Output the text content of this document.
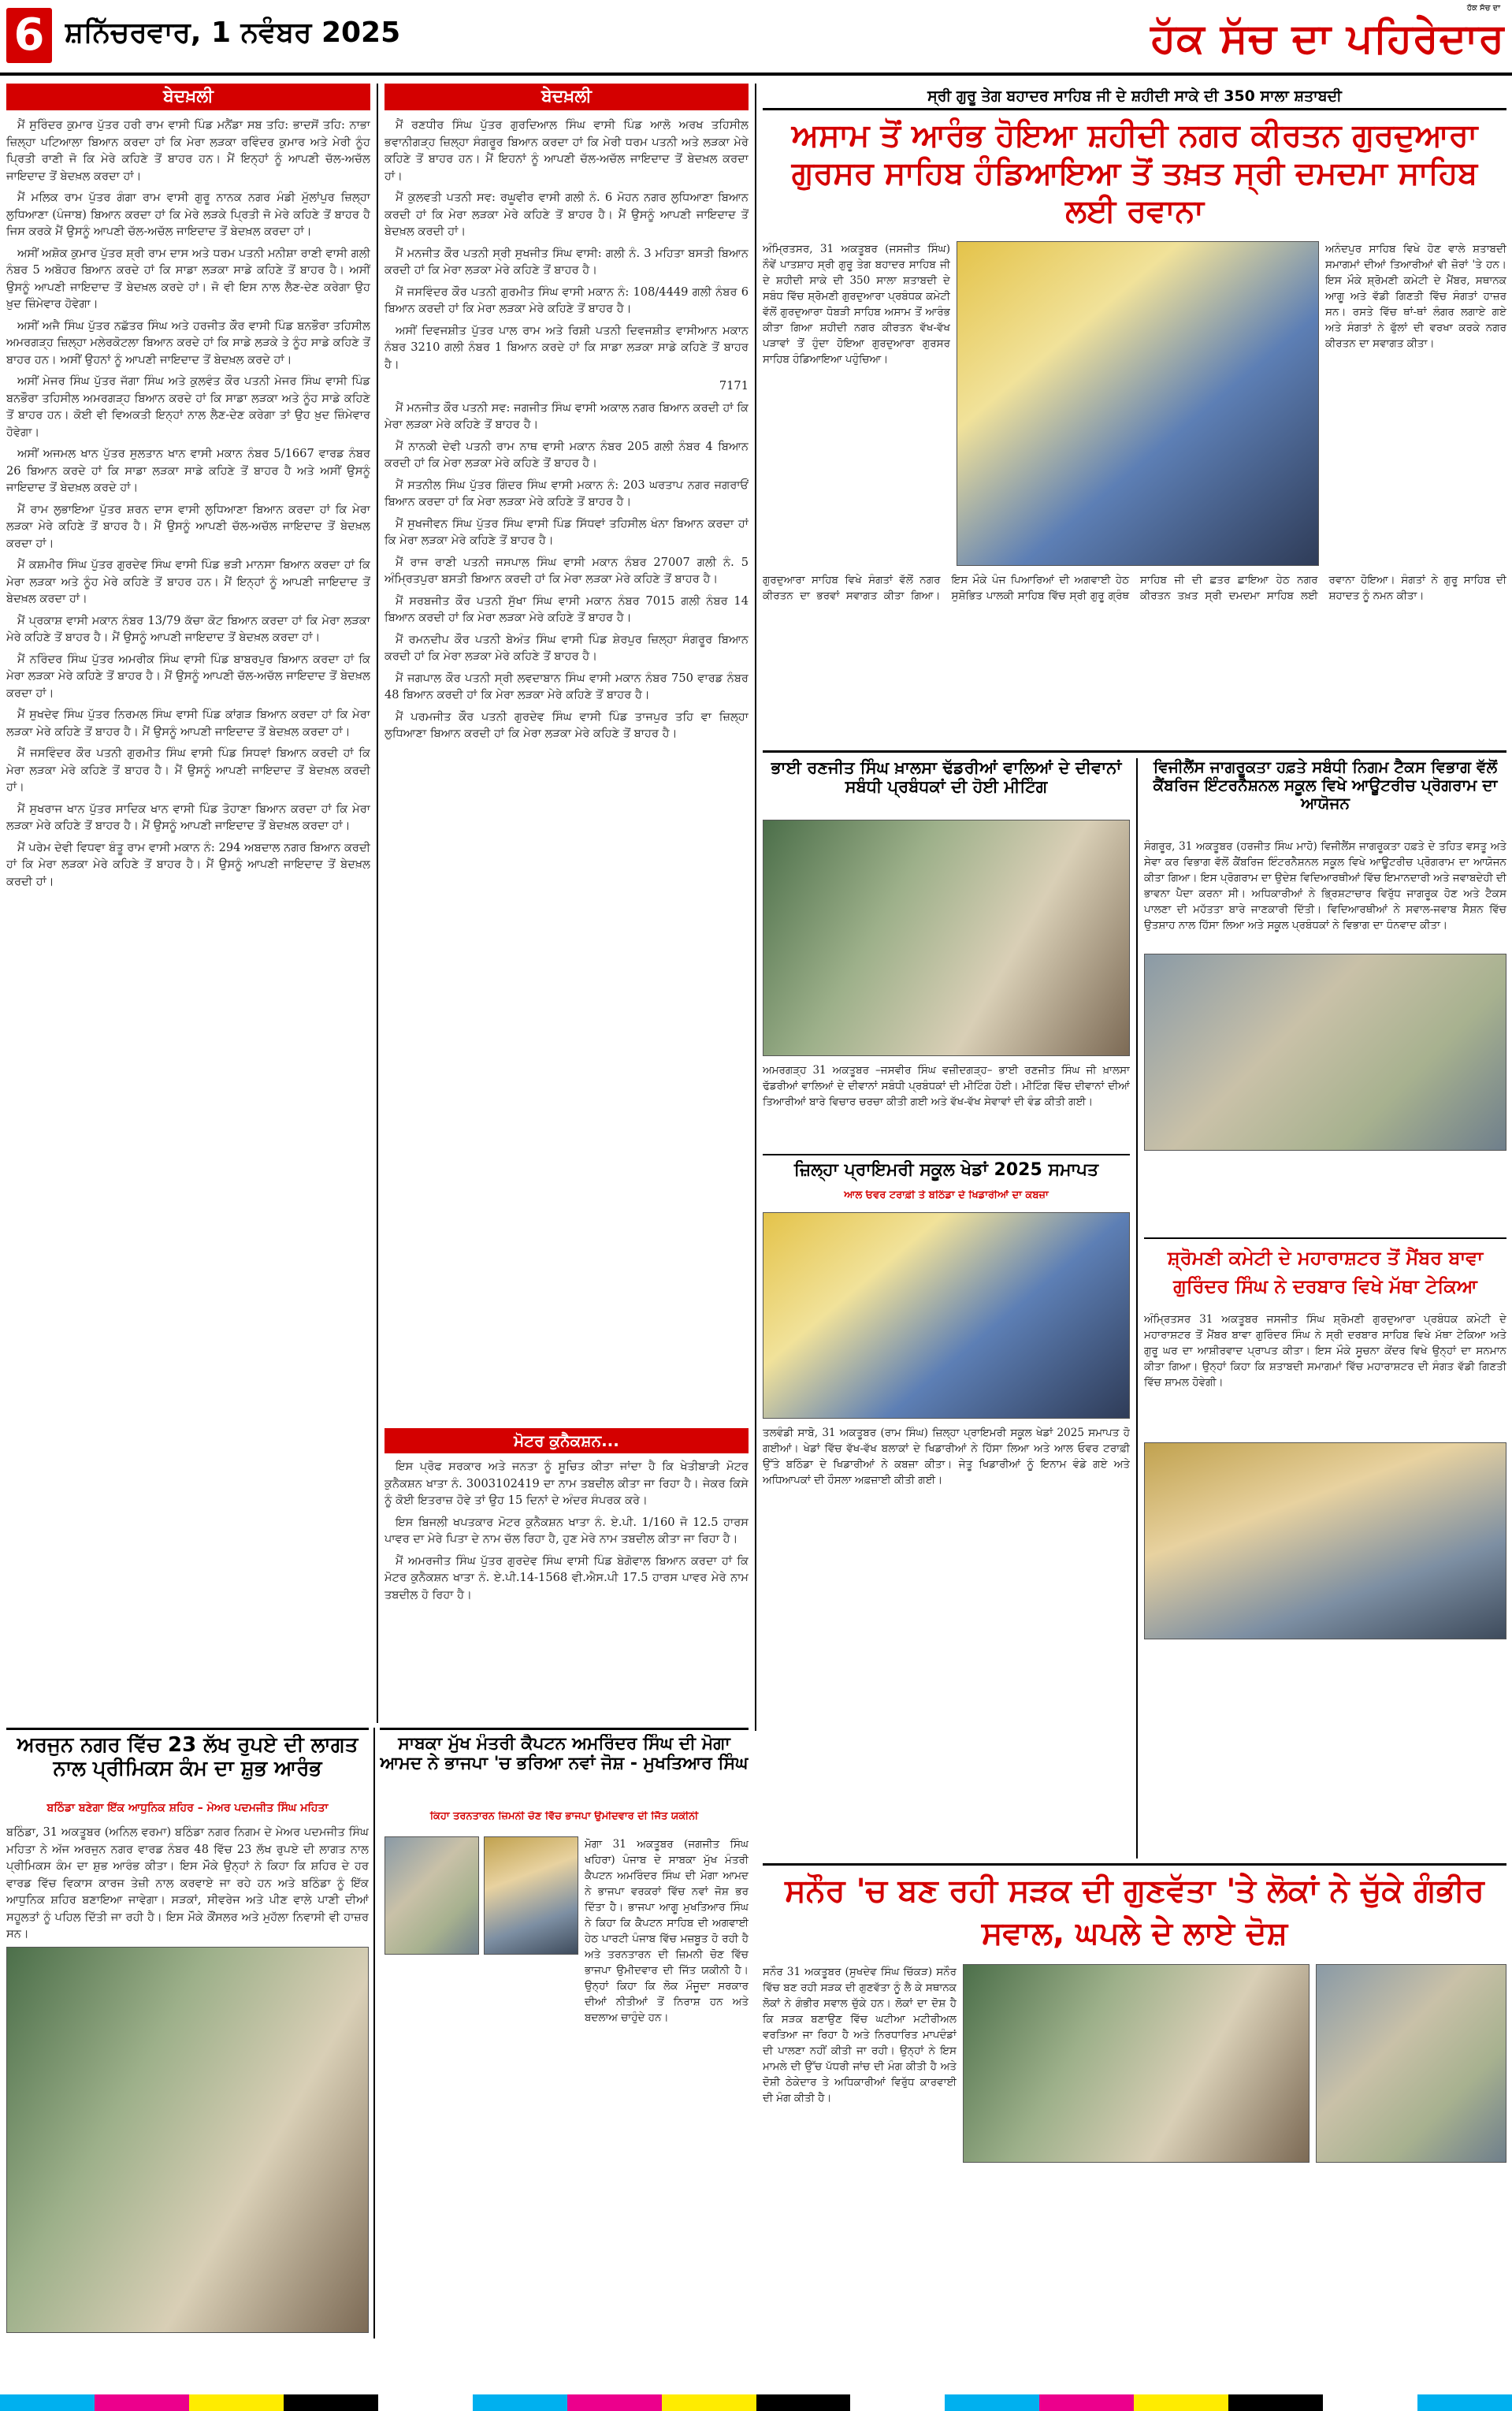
6 ਸ਼ਨਿੱਚਰਵਾਰ, 1 ਨਵੰਬਰ 2025
ਹੱਕ ਸੱਚ ਦਾ
ਹੱਕ ਸੱਚ ਦਾ ਪਹਿਰੇਦਾਰ
ਬੇਦਖ਼ਲੀ

ਮੈਂ ਸੁਰਿੰਦਰ ਕੁਮਾਰ ਪੁੱਤਰ ਹਰੀ ਰਾਮ ਵਾਸੀ ਪਿੰਡ ਮਨੈਂਡਾ ਸਬ ਤਹਿ: ਭਾਦਸੋਂ ਤਹਿ: ਨਾਭਾ ਜ਼ਿਲ੍ਹਾ ਪਟਿਆਲਾ ਬਿਆਨ ਕਰਦਾ ਹਾਂ ਕਿ ਮੇਰਾ ਲੜਕਾ ਰਵਿੰਦਰ ਕੁਮਾਰ ਅਤੇ ਮੇਰੀ ਨੂੰਹ ਪ੍ਰਿਤੀ ਰਾਣੀ ਜੋ ਕਿ ਮੇਰੇ ਕਹਿਣੇ ਤੋਂ ਬਾਹਰ ਹਨ। ਮੈਂ ਇਨ੍ਹਾਂ ਨੂੰ ਆਪਣੀ ਚੱਲ-ਅਚੱਲ ਜਾਇਦਾਦ ਤੋਂ ਬੇਦਖ਼ਲ ਕਰਦਾ ਹਾਂ।

ਮੈਂ ਮਲਿਕ ਰਾਮ ਪੁੱਤਰ ਗੰਗਾ ਰਾਮ ਵਾਸੀ ਗੁਰੂ ਨਾਨਕ ਨਗਰ ਮੰਡੀ ਮੁੱਲਾਂਪੁਰ ਜ਼ਿਲ੍ਹਾ ਲੁਧਿਆਣਾ (ਪੰਜਾਬ) ਬਿਆਨ ਕਰਦਾ ਹਾਂ ਕਿ ਮੇਰੇ ਲੜਕੇ ਪ੍ਰਿਤੀ ਜੋ ਮੇਰੇ ਕਹਿਣੇ ਤੋਂ ਬਾਹਰ ਹੈ ਜਿਸ ਕਰਕੇ ਮੈਂ ਉਸਨੂੰ ਆਪਣੀ ਚੱਲ-ਅਚੱਲ ਜਾਇਦਾਦ ਤੋਂ ਬੇਦਖ਼ਲ ਕਰਦਾ ਹਾਂ।

ਅਸੀਂ ਅਸ਼ੋਕ ਕੁਮਾਰ ਪੁੱਤਰ ਸ਼੍ਰੀ ਰਾਮ ਦਾਸ ਅਤੇ ਧਰਮ ਪਤਨੀ ਮਨੀਸ਼ਾ ਰਾਣੀ ਵਾਸੀ ਗਲੀ ਨੰਬਰ 5 ਅਬੋਹਰ ਬਿਆਨ ਕਰਦੇ ਹਾਂ ਕਿ ਸਾਡਾ ਲੜਕਾ ਸਾਡੇ ਕਹਿਣੇ ਤੋਂ ਬਾਹਰ ਹੈ। ਅਸੀਂ ਉਸਨੂੰ ਆਪਣੀ ਜਾਇਦਾਦ ਤੋਂ ਬੇਦਖ਼ਲ ਕਰਦੇ ਹਾਂ। ਜੋ ਵੀ ਇਸ ਨਾਲ ਲੈਣ-ਦੇਣ ਕਰੇਗਾ ਉਹ ਖ਼ੁਦ ਜ਼ਿੰਮੇਵਾਰ ਹੋਵੇਗਾ।

ਅਸੀਂ ਅਜੈ ਸਿੰਘ ਪੁੱਤਰ ਨਛੱਤਰ ਸਿੰਘ ਅਤੇ ਹਰਜੀਤ ਕੌਰ ਵਾਸੀ ਪਿੰਡ ਬਨਭੌਰਾ ਤਹਿਸੀਲ ਅਮਰਗੜ੍ਹ ਜ਼ਿਲ੍ਹਾ ਮਲੇਰਕੋਟਲਾ ਬਿਆਨ ਕਰਦੇ ਹਾਂ ਕਿ ਸਾਡੇ ਲੜਕੇ ਤੇ ਨੂੰਹ ਸਾਡੇ ਕਹਿਣੇ ਤੋਂ ਬਾਹਰ ਹਨ। ਅਸੀਂ ਉਹਨਾਂ ਨੂੰ ਆਪਣੀ ਜਾਇਦਾਦ ਤੋਂ ਬੇਦਖ਼ਲ ਕਰਦੇ ਹਾਂ।

ਅਸੀਂ ਮੇਜਰ ਸਿੰਘ ਪੁੱਤਰ ਜੱਗਾ ਸਿੰਘ ਅਤੇ ਕੁਲਵੰਤ ਕੌਰ ਪਤਨੀ ਮੇਜਰ ਸਿੰਘ ਵਾਸੀ ਪਿੰਡ ਬਨਭੌਰਾ ਤਹਿਸੀਲ ਅਮਰਗੜ੍ਹ ਬਿਆਨ ਕਰਦੇ ਹਾਂ ਕਿ ਸਾਡਾ ਲੜਕਾ ਅਤੇ ਨੂੰਹ ਸਾਡੇ ਕਹਿਣੇ ਤੋਂ ਬਾਹਰ ਹਨ। ਕੋਈ ਵੀ ਵਿਅਕਤੀ ਇਨ੍ਹਾਂ ਨਾਲ ਲੈਣ-ਦੇਣ ਕਰੇਗਾ ਤਾਂ ਉਹ ਖ਼ੁਦ ਜ਼ਿੰਮੇਵਾਰ ਹੋਵੇਗਾ।

ਅਸੀਂ ਅਜਮਲ ਖਾਨ ਪੁੱਤਰ ਸੁਲਤਾਨ ਖਾਨ ਵਾਸੀ ਮਕਾਨ ਨੰਬਰ 5/1667 ਵਾਰਡ ਨੰਬਰ 26 ਬਿਆਨ ਕਰਦੇ ਹਾਂ ਕਿ ਸਾਡਾ ਲੜਕਾ ਸਾਡੇ ਕਹਿਣੇ ਤੋਂ ਬਾਹਰ ਹੈ ਅਤੇ ਅਸੀਂ ਉਸਨੂੰ ਜਾਇਦਾਦ ਤੋਂ ਬੇਦਖ਼ਲ ਕਰਦੇ ਹਾਂ।

ਮੈਂ ਰਾਮ ਲੁਭਾਇਆ ਪੁੱਤਰ ਸ਼ਰਨ ਦਾਸ ਵਾਸੀ ਲੁਧਿਆਣਾ ਬਿਆਨ ਕਰਦਾ ਹਾਂ ਕਿ ਮੇਰਾ ਲੜਕਾ ਮੇਰੇ ਕਹਿਣੇ ਤੋਂ ਬਾਹਰ ਹੈ। ਮੈਂ ਉਸਨੂੰ ਆਪਣੀ ਚੱਲ-ਅਚੱਲ ਜਾਇਦਾਦ ਤੋਂ ਬੇਦਖ਼ਲ ਕਰਦਾ ਹਾਂ।

ਮੈਂ ਕਸ਼ਮੀਰ ਸਿੰਘ ਪੁੱਤਰ ਗੁਰਦੇਵ ਸਿੰਘ ਵਾਸੀ ਪਿੰਡ ਭੜੀ ਮਾਨਸਾ ਬਿਆਨ ਕਰਦਾ ਹਾਂ ਕਿ ਮੇਰਾ ਲੜਕਾ ਅਤੇ ਨੂੰਹ ਮੇਰੇ ਕਹਿਣੇ ਤੋਂ ਬਾਹਰ ਹਨ। ਮੈਂ ਇਨ੍ਹਾਂ ਨੂੰ ਆਪਣੀ ਜਾਇਦਾਦ ਤੋਂ ਬੇਦਖ਼ਲ ਕਰਦਾ ਹਾਂ।

ਮੈਂ ਪ੍ਰਕਾਸ਼ ਵਾਸੀ ਮਕਾਨ ਨੰਬਰ 13/79 ਕੱਚਾ ਕੋਟ ਬਿਆਨ ਕਰਦਾ ਹਾਂ ਕਿ ਮੇਰਾ ਲੜਕਾ ਮੇਰੇ ਕਹਿਣੇ ਤੋਂ ਬਾਹਰ ਹੈ। ਮੈਂ ਉਸਨੂੰ ਆਪਣੀ ਜਾਇਦਾਦ ਤੋਂ ਬੇਦਖ਼ਲ ਕਰਦਾ ਹਾਂ।

ਮੈਂ ਨਰਿੰਦਰ ਸਿੰਘ ਪੁੱਤਰ ਅਮਰੀਕ ਸਿੰਘ ਵਾਸੀ ਪਿੰਡ ਬਾਬਰਪੁਰ ਬਿਆਨ ਕਰਦਾ ਹਾਂ ਕਿ ਮੇਰਾ ਲੜਕਾ ਮੇਰੇ ਕਹਿਣੇ ਤੋਂ ਬਾਹਰ ਹੈ। ਮੈਂ ਉਸਨੂੰ ਆਪਣੀ ਚੱਲ-ਅਚੱਲ ਜਾਇਦਾਦ ਤੋਂ ਬੇਦਖ਼ਲ ਕਰਦਾ ਹਾਂ।

ਮੈਂ ਸੁਖਦੇਵ ਸਿੰਘ ਪੁੱਤਰ ਨਿਰਮਲ ਸਿੰਘ ਵਾਸੀ ਪਿੰਡ ਕਾਂਗੜ ਬਿਆਨ ਕਰਦਾ ਹਾਂ ਕਿ ਮੇਰਾ ਲੜਕਾ ਮੇਰੇ ਕਹਿਣੇ ਤੋਂ ਬਾਹਰ ਹੈ। ਮੈਂ ਉਸਨੂੰ ਆਪਣੀ ਜਾਇਦਾਦ ਤੋਂ ਬੇਦਖ਼ਲ ਕਰਦਾ ਹਾਂ।

ਮੈਂ ਜਸਵਿੰਦਰ ਕੌਰ ਪਤਨੀ ਗੁਰਮੀਤ ਸਿੰਘ ਵਾਸੀ ਪਿੰਡ ਸਿਧਵਾਂ ਬਿਆਨ ਕਰਦੀ ਹਾਂ ਕਿ ਮੇਰਾ ਲੜਕਾ ਮੇਰੇ ਕਹਿਣੇ ਤੋਂ ਬਾਹਰ ਹੈ। ਮੈਂ ਉਸਨੂੰ ਆਪਣੀ ਜਾਇਦਾਦ ਤੋਂ ਬੇਦਖ਼ਲ ਕਰਦੀ ਹਾਂ।

ਮੈਂ ਸੁਖਰਾਜ ਖਾਨ ਪੁੱਤਰ ਸਾਦਿਕ ਖਾਨ ਵਾਸੀ ਪਿੰਡ ਤੋਹਾਣਾ ਬਿਆਨ ਕਰਦਾ ਹਾਂ ਕਿ ਮੇਰਾ ਲੜਕਾ ਮੇਰੇ ਕਹਿਣੇ ਤੋਂ ਬਾਹਰ ਹੈ। ਮੈਂ ਉਸਨੂੰ ਆਪਣੀ ਜਾਇਦਾਦ ਤੋਂ ਬੇਦਖ਼ਲ ਕਰਦਾ ਹਾਂ।

ਮੈਂ ਪਰੇਮ ਦੇਵੀ ਵਿਧਵਾ ਬੰਤੂ ਰਾਮ ਵਾਸੀ ਮਕਾਨ ਨੰ: 294 ਅਬਦਾਲ ਨਗਰ ਬਿਆਨ ਕਰਦੀ ਹਾਂ ਕਿ ਮੇਰਾ ਲੜਕਾ ਮੇਰੇ ਕਹਿਣੇ ਤੋਂ ਬਾਹਰ ਹੈ। ਮੈਂ ਉਸਨੂੰ ਆਪਣੀ ਜਾਇਦਾਦ ਤੋਂ ਬੇਦਖ਼ਲ ਕਰਦੀ ਹਾਂ।

ਬੇਦਖ਼ਲੀ

ਮੈਂ ਰਣਧੀਰ ਸਿੰਘ ਪੁੱਤਰ ਗੁਰਦਿਆਲ ਸਿੰਘ ਵਾਸੀ ਪਿੰਡ ਆਲੋ ਅਰਖ ਤਹਿਸੀਲ ਭਵਾਨੀਗੜ੍ਹ ਜ਼ਿਲ੍ਹਾ ਸੰਗਰੂਰ ਬਿਆਨ ਕਰਦਾ ਹਾਂ ਕਿ ਮੇਰੀ ਧਰਮ ਪਤਨੀ ਅਤੇ ਲੜਕਾ ਮੇਰੇ ਕਹਿਣੇ ਤੋਂ ਬਾਹਰ ਹਨ। ਮੈਂ ਇਹਨਾਂ ਨੂੰ ਆਪਣੀ ਚੱਲ-ਅਚੱਲ ਜਾਇਦਾਦ ਤੋਂ ਬੇਦਖ਼ਲ ਕਰਦਾ ਹਾਂ।

ਮੈਂ ਕੁਲਵਤੀ ਪਤਨੀ ਸਵ: ਰਘੂਵੀਰ ਵਾਸੀ ਗਲੀ ਨੰ. 6 ਮੋਹਨ ਨਗਰ ਲੁਧਿਆਣਾ ਬਿਆਨ ਕਰਦੀ ਹਾਂ ਕਿ ਮੇਰਾ ਲੜਕਾ ਮੇਰੇ ਕਹਿਣੇ ਤੋਂ ਬਾਹਰ ਹੈ। ਮੈਂ ਉਸਨੂੰ ਆਪਣੀ ਜਾਇਦਾਦ ਤੋਂ ਬੇਦਖ਼ਲ ਕਰਦੀ ਹਾਂ।

ਮੈਂ ਮਨਜੀਤ ਕੌਰ ਪਤਨੀ ਸ੍ਰੀ ਸੁਖਜੀਤ ਸਿੰਘ ਵਾਸੀ: ਗਲੀ ਨੰ. 3 ਮਹਿਤਾ ਬਸਤੀ ਬਿਆਨ ਕਰਦੀ ਹਾਂ ਕਿ ਮੇਰਾ ਲੜਕਾ ਮੇਰੇ ਕਹਿਣੇ ਤੋਂ ਬਾਹਰ ਹੈ।

ਮੈਂ ਜਸਵਿੰਦਰ ਕੌਰ ਪਤਨੀ ਗੁਰਮੀਤ ਸਿੰਘ ਵਾਸੀ ਮਕਾਨ ਨੰ: 108/4449 ਗਲੀ ਨੰਬਰ 6 ਬਿਆਨ ਕਰਦੀ ਹਾਂ ਕਿ ਮੇਰਾ ਲੜਕਾ ਮੇਰੇ ਕਹਿਣੇ ਤੋਂ ਬਾਹਰ ਹੈ।

ਅਸੀਂ ਦਿਵਜਸ਼ੀਤ ਪੁੱਤਰ ਪਾਲ ਰਾਮ ਅਤੇ ਰਿਸ਼ੀ ਪਤਨੀ ਦਿਵਜਸ਼ੀਤ ਵਾਸੀਆਨ ਮਕਾਨ ਨੰਬਰ 3210 ਗਲੀ ਨੰਬਰ 1 ਬਿਆਨ ਕਰਦੇ ਹਾਂ ਕਿ ਸਾਡਾ ਲੜਕਾ ਸਾਡੇ ਕਹਿਣੇ ਤੋਂ ਬਾਹਰ ਹੈ।

7171

ਮੈਂ ਮਨਜੀਤ ਕੌਰ ਪਤਨੀ ਸਵ: ਜਗਜੀਤ ਸਿੰਘ ਵਾਸੀ ਅਕਾਲ ਨਗਰ ਬਿਆਨ ਕਰਦੀ ਹਾਂ ਕਿ ਮੇਰਾ ਲੜਕਾ ਮੇਰੇ ਕਹਿਣੇ ਤੋਂ ਬਾਹਰ ਹੈ।

ਮੈਂ ਨਾਨਕੀ ਦੇਵੀ ਪਤਨੀ ਰਾਮ ਨਾਥ ਵਾਸੀ ਮਕਾਨ ਨੰਬਰ 205 ਗਲੀ ਨੰਬਰ 4 ਬਿਆਨ ਕਰਦੀ ਹਾਂ ਕਿ ਮੇਰਾ ਲੜਕਾ ਮੇਰੇ ਕਹਿਣੇ ਤੋਂ ਬਾਹਰ ਹੈ।

ਮੈਂ ਸਤਨੀਲ ਸਿੰਘ ਪੁੱਤਰ ਗਿੰਦਰ ਸਿੰਘ ਵਾਸੀ ਮਕਾਨ ਨੰ: 203 ਘਰਤਾਪ ਨਗਰ ਜਗਰਾਓਂ ਬਿਆਨ ਕਰਦਾ ਹਾਂ ਕਿ ਮੇਰਾ ਲੜਕਾ ਮੇਰੇ ਕਹਿਣੇ ਤੋਂ ਬਾਹਰ ਹੈ।

ਮੈਂ ਸੁਖਜੀਵਨ ਸਿੰਘ ਪੁੱਤਰ ਸਿੰਘ ਵਾਸੀ ਪਿੰਡ ਸਿੱਧਵਾਂ ਤਹਿਸੀਲ ਖੰਨਾ ਬਿਆਨ ਕਰਦਾ ਹਾਂ ਕਿ ਮੇਰਾ ਲੜਕਾ ਮੇਰੇ ਕਹਿਣੇ ਤੋਂ ਬਾਹਰ ਹੈ।

ਮੈਂ ਰਾਜ ਰਾਣੀ ਪਤਨੀ ਜਸਪਾਲ ਸਿੰਘ ਵਾਸੀ ਮਕਾਨ ਨੰਬਰ 27007 ਗਲੀ ਨੰ. 5 ਅੰਮ੍ਰਿਤਪੁਰਾ ਬਸਤੀ ਬਿਆਨ ਕਰਦੀ ਹਾਂ ਕਿ ਮੇਰਾ ਲੜਕਾ ਮੇਰੇ ਕਹਿਣੇ ਤੋਂ ਬਾਹਰ ਹੈ।

ਮੈਂ ਸਰਬਜੀਤ ਕੌਰ ਪਤਨੀ ਸੁੱਖਾ ਸਿੰਘ ਵਾਸੀ ਮਕਾਨ ਨੰਬਰ 7015 ਗਲੀ ਨੰਬਰ 14 ਬਿਆਨ ਕਰਦੀ ਹਾਂ ਕਿ ਮੇਰਾ ਲੜਕਾ ਮੇਰੇ ਕਹਿਣੇ ਤੋਂ ਬਾਹਰ ਹੈ।

ਮੈਂ ਰਮਨਦੀਪ ਕੌਰ ਪਤਨੀ ਬੇਅੰਤ ਸਿੰਘ ਵਾਸੀ ਪਿੰਡ ਸ਼ੇਰਪੁਰ ਜ਼ਿਲ੍ਹਾ ਸੰਗਰੂਰ ਬਿਆਨ ਕਰਦੀ ਹਾਂ ਕਿ ਮੇਰਾ ਲੜਕਾ ਮੇਰੇ ਕਹਿਣੇ ਤੋਂ ਬਾਹਰ ਹੈ।

ਮੈਂ ਜਗਪਾਲ ਕੌਰ ਪਤਨੀ ਸ੍ਰੀ ਲਵਦਾਬਾਨ ਸਿੰਘ ਵਾਸੀ ਮਕਾਨ ਨੰਬਰ 750 ਵਾਰਡ ਨੰਬਰ 48 ਬਿਆਨ ਕਰਦੀ ਹਾਂ ਕਿ ਮੇਰਾ ਲੜਕਾ ਮੇਰੇ ਕਹਿਣੇ ਤੋਂ ਬਾਹਰ ਹੈ।

ਮੈਂ ਪਰਮਜੀਤ ਕੌਰ ਪਤਨੀ ਗੁਰਦੇਵ ਸਿੰਘ ਵਾਸੀ ਪਿੰਡ ਤਾਜਪੁਰ ਤਹਿ ਵਾ ਜ਼ਿਲ੍ਹਾ ਲੁਧਿਆਣਾ ਬਿਆਨ ਕਰਦੀ ਹਾਂ ਕਿ ਮੇਰਾ ਲੜਕਾ ਮੇਰੇ ਕਹਿਣੇ ਤੋਂ ਬਾਹਰ ਹੈ।

ਮੋਟਰ ਕੁਨੈਕਸ਼ਨ...

ਇਸ ਪ੍ਰੋਫ ਸਰਕਾਰ ਅਤੇ ਜਨਤਾ ਨੂੰ ਸੂਚਿਤ ਕੀਤਾ ਜਾਂਦਾ ਹੈ ਕਿ ਖੇਤੀਬਾੜੀ ਮੋਟਰ ਕੁਨੈਕਸ਼ਨ ਖਾਤਾ ਨੰ. 3003102419 ਦਾ ਨਾਮ ਤਬਦੀਲ ਕੀਤਾ ਜਾ ਰਿਹਾ ਹੈ। ਜੇਕਰ ਕਿਸੇ ਨੂੰ ਕੋਈ ਇਤਰਾਜ਼ ਹੋਵੇ ਤਾਂ ਉਹ 15 ਦਿਨਾਂ ਦੇ ਅੰਦਰ ਸੰਪਰਕ ਕਰੇ।

ਇਸ ਬਿਜਲੀ ਖਪਤਕਾਰ ਮੋਟਰ ਕੁਨੈਕਸ਼ਨ ਖਾਤਾ ਨੰ. ਏ.ਪੀ. 1/160 ਜੋ 12.5 ਹਾਰਸ ਪਾਵਰ ਦਾ ਮੇਰੇ ਪਿਤਾ ਦੇ ਨਾਮ ਚੱਲ ਰਿਹਾ ਹੈ, ਹੁਣ ਮੇਰੇ ਨਾਮ ਤਬਦੀਲ ਕੀਤਾ ਜਾ ਰਿਹਾ ਹੈ।

ਮੈਂ ਅਮਰਜੀਤ ਸਿੰਘ ਪੁੱਤਰ ਗੁਰਦੇਵ ਸਿੰਘ ਵਾਸੀ ਪਿੰਡ ਬੇਗੋਵਾਲ ਬਿਆਨ ਕਰਦਾ ਹਾਂ ਕਿ ਮੋਟਰ ਕੁਨੈਕਸ਼ਨ ਖਾਤਾ ਨੰ. ਏ.ਪੀ.14-1568 ਵੀ.ਐਸ.ਪੀ 17.5 ਹਾਰਸ ਪਾਵਰ ਮੇਰੇ ਨਾਮ ਤਬਦੀਲ ਹੋ ਰਿਹਾ ਹੈ।

ਅਰਜੁਨ ਨਗਰ ਵਿੱਚ 23 ਲੱਖ ਰੁਪਏ ਦੀ ਲਾਗਤ ਨਾਲ ਪ੍ਰੀਮਿਕਸ ਕੰਮ ਦਾ ਸ਼ੁਭ ਆਰੰਭ
ਬਠਿੰਡਾ ਬਣੇਗਾ ਇੱਕ ਆਧੁਨਿਕ ਸ਼ਹਿਰ – ਮੇਅਰ ਪਦਮਜੀਤ ਸਿੰਘ ਮਹਿਤਾ
ਬਠਿੰਡਾ, 31 ਅਕਤੂਬਰ (ਅਨਿਲ ਵਰਮਾ) ਬਠਿੰਡਾ ਨਗਰ ਨਿਗਮ ਦੇ ਮੇਅਰ ਪਦਮਜੀਤ ਸਿੰਘ ਮਹਿਤਾ ਨੇ ਅੱਜ ਅਰਜੁਨ ਨਗਰ ਵਾਰਡ ਨੰਬਰ 48 ਵਿੱਚ 23 ਲੱਖ ਰੁਪਏ ਦੀ ਲਾਗਤ ਨਾਲ ਪ੍ਰੀਮਿਕਸ ਕੰਮ ਦਾ ਸ਼ੁਭ ਆਰੰਭ ਕੀਤਾ। ਇਸ ਮੌਕੇ ਉਨ੍ਹਾਂ ਨੇ ਕਿਹਾ ਕਿ ਸ਼ਹਿਰ ਦੇ ਹਰ ਵਾਰਡ ਵਿੱਚ ਵਿਕਾਸ ਕਾਰਜ ਤੇਜ਼ੀ ਨਾਲ ਕਰਵਾਏ ਜਾ ਰਹੇ ਹਨ ਅਤੇ ਬਠਿੰਡਾ ਨੂੰ ਇੱਕ ਆਧੁਨਿਕ ਸ਼ਹਿਰ ਬਣਾਇਆ ਜਾਵੇਗਾ। ਸੜਕਾਂ, ਸੀਵਰੇਜ ਅਤੇ ਪੀਣ ਵਾਲੇ ਪਾਣੀ ਦੀਆਂ ਸਹੂਲਤਾਂ ਨੂੰ ਪਹਿਲ ਦਿੱਤੀ ਜਾ ਰਹੀ ਹੈ। ਇਸ ਮੌਕੇ ਕੌਂਸਲਰ ਅਤੇ ਮੁਹੱਲਾ ਨਿਵਾਸੀ ਵੀ ਹਾਜ਼ਰ ਸਨ।
ਸਾਬਕਾ ਮੁੱਖ ਮੰਤਰੀ ਕੈਪਟਨ ਅਮਰਿੰਦਰ ਸਿੰਘ ਦੀ ਮੋਗਾ ਆਮਦ ਨੇ ਭਾਜਪਾ 'ਚ ਭਰਿਆ ਨਵਾਂ ਜੋਸ਼ - ਮੁਖਤਿਆਰ ਸਿੰਘ
ਕਿਹਾ ਤਰਨਤਾਰਨ ਜ਼ਿਮਨੀ ਚੋਣ ਵਿੱਚ ਭਾਜਪਾ ਉਮੀਦਵਾਰ ਦੀ ਜਿੱਤ ਯਕੀਨੀ
ਮੋਗਾ 31 ਅਕਤੂਬਰ (ਜਗਜੀਤ ਸਿੰਘ ਖਹਿਰਾ) ਪੰਜਾਬ ਦੇ ਸਾਬਕਾ ਮੁੱਖ ਮੰਤਰੀ ਕੈਪਟਨ ਅਮਰਿੰਦਰ ਸਿੰਘ ਦੀ ਮੋਗਾ ਆਮਦ ਨੇ ਭਾਜਪਾ ਵਰਕਰਾਂ ਵਿੱਚ ਨਵਾਂ ਜੋਸ਼ ਭਰ ਦਿੱਤਾ ਹੈ। ਭਾਜਪਾ ਆਗੂ ਮੁਖਤਿਆਰ ਸਿੰਘ ਨੇ ਕਿਹਾ ਕਿ ਕੈਪਟਨ ਸਾਹਿਬ ਦੀ ਅਗਵਾਈ ਹੇਠ ਪਾਰਟੀ ਪੰਜਾਬ ਵਿੱਚ ਮਜ਼ਬੂਤ ਹੋ ਰਹੀ ਹੈ ਅਤੇ ਤਰਨਤਾਰਨ ਦੀ ਜ਼ਿਮਨੀ ਚੋਣ ਵਿੱਚ ਭਾਜਪਾ ਉਮੀਦਵਾਰ ਦੀ ਜਿੱਤ ਯਕੀਨੀ ਹੈ। ਉਨ੍ਹਾਂ ਕਿਹਾ ਕਿ ਲੋਕ ਮੌਜੂਦਾ ਸਰਕਾਰ ਦੀਆਂ ਨੀਤੀਆਂ ਤੋਂ ਨਿਰਾਸ਼ ਹਨ ਅਤੇ ਬਦਲਾਅ ਚਾਹੁੰਦੇ ਹਨ।
ਸ੍ਰੀ ਗੁਰੂ ਤੇਗ ਬਹਾਦਰ ਸਾਹਿਬ ਜੀ ਦੇ ਸ਼ਹੀਦੀ ਸਾਕੇ ਦੀ 350 ਸਾਲਾ ਸ਼ਤਾਬਦੀ
ਅਸਾਮ ਤੋਂ ਆਰੰਭ ਹੋਇਆ ਸ਼ਹੀਦੀ ਨਗਰ ਕੀਰਤਨ ਗੁਰਦੁਆਰਾ ਗੁਰਸਰ ਸਾਹਿਬ ਹੰਡਿਆਇਆ ਤੋਂ ਤਖ਼ਤ ਸ੍ਰੀ ਦਮਦਮਾ ਸਾਹਿਬ ਲਈ ਰਵਾਨਾ
ਅੰਮ੍ਰਿਤਸਰ, 31 ਅਕਤੂਬਰ (ਜਸਜੀਤ ਸਿੰਘ) ਨੌਵੇਂ ਪਾਤਸ਼ਾਹ ਸ੍ਰੀ ਗੁਰੂ ਤੇਗ ਬਹਾਦਰ ਸਾਹਿਬ ਜੀ ਦੇ ਸ਼ਹੀਦੀ ਸਾਕੇ ਦੀ 350 ਸਾਲਾ ਸ਼ਤਾਬਦੀ ਦੇ ਸਬੰਧ ਵਿੱਚ ਸ਼੍ਰੋਮਣੀ ਗੁਰਦੁਆਰਾ ਪ੍ਰਬੰਧਕ ਕਮੇਟੀ ਵੱਲੋਂ ਗੁਰਦੁਆਰਾ ਧੋਬੜੀ ਸਾਹਿਬ ਅਸਾਮ ਤੋਂ ਆਰੰਭ ਕੀਤਾ ਗਿਆ ਸ਼ਹੀਦੀ ਨਗਰ ਕੀਰਤਨ ਵੱਖ-ਵੱਖ ਪੜਾਵਾਂ ਤੋਂ ਹੁੰਦਾ ਹੋਇਆ ਗੁਰਦੁਆਰਾ ਗੁਰਸਰ ਸਾਹਿਬ ਹੰਡਿਆਇਆ ਪਹੁੰਚਿਆ।
ਅਨੰਦਪੁਰ ਸਾਹਿਬ ਵਿਖੇ ਹੋਣ ਵਾਲੇ ਸ਼ਤਾਬਦੀ ਸਮਾਗਮਾਂ ਦੀਆਂ ਤਿਆਰੀਆਂ ਵੀ ਜ਼ੋਰਾਂ 'ਤੇ ਹਨ। ਇਸ ਮੌਕੇ ਸ਼੍ਰੋਮਣੀ ਕਮੇਟੀ ਦੇ ਮੈਂਬਰ, ਸਥਾਨਕ ਆਗੂ ਅਤੇ ਵੱਡੀ ਗਿਣਤੀ ਵਿੱਚ ਸੰਗਤਾਂ ਹਾਜ਼ਰ ਸਨ। ਰਸਤੇ ਵਿੱਚ ਥਾਂ-ਥਾਂ ਲੰਗਰ ਲਗਾਏ ਗਏ ਅਤੇ ਸੰਗਤਾਂ ਨੇ ਫੁੱਲਾਂ ਦੀ ਵਰਖਾ ਕਰਕੇ ਨਗਰ ਕੀਰਤਨ ਦਾ ਸਵਾਗਤ ਕੀਤਾ।
ਗੁਰਦੁਆਰਾ ਸਾਹਿਬ ਵਿਖੇ ਸੰਗਤਾਂ ਵੱਲੋਂ ਨਗਰ ਕੀਰਤਨ ਦਾ ਭਰਵਾਂ ਸਵਾਗਤ ਕੀਤਾ ਗਿਆ। ਇਸ ਮੌਕੇ ਪੰਜ ਪਿਆਰਿਆਂ ਦੀ ਅਗਵਾਈ ਹੇਠ ਸੁਸ਼ੋਭਿਤ ਪਾਲਕੀ ਸਾਹਿਬ ਵਿੱਚ ਸ੍ਰੀ ਗੁਰੂ ਗ੍ਰੰਥ ਸਾਹਿਬ ਜੀ ਦੀ ਛਤਰ ਛਾਇਆ ਹੇਠ ਨਗਰ ਕੀਰਤਨ ਤਖ਼ਤ ਸ੍ਰੀ ਦਮਦਮਾ ਸਾਹਿਬ ਲਈ ਰਵਾਨਾ ਹੋਇਆ। ਸੰਗਤਾਂ ਨੇ ਗੁਰੂ ਸਾਹਿਬ ਦੀ ਸ਼ਹਾਦਤ ਨੂੰ ਨਮਨ ਕੀਤਾ।
ਭਾਈ ਰਣਜੀਤ ਸਿੰਘ ਖ਼ਾਲਸਾ ਢੱਡਰੀਆਂ ਵਾਲਿਆਂ ਦੇ ਦੀਵਾਨਾਂ ਸਬੰਧੀ ਪ੍ਰਬੰਧਕਾਂ ਦੀ ਹੋਈ ਮੀਟਿੰਗ
ਅਮਰਗੜ੍ਹ 31 ਅਕਤੂਬਰ –ਜਸਵੀਰ ਸਿੰਘ ਵਜ਼ੀਦਗੜ੍ਹ– ਭਾਈ ਰਣਜੀਤ ਸਿੰਘ ਜੀ ਖ਼ਾਲਸਾ ਢੱਡਰੀਆਂ ਵਾਲਿਆਂ ਦੇ ਦੀਵਾਨਾਂ ਸਬੰਧੀ ਪ੍ਰਬੰਧਕਾਂ ਦੀ ਮੀਟਿੰਗ ਹੋਈ। ਮੀਟਿੰਗ ਵਿੱਚ ਦੀਵਾਨਾਂ ਦੀਆਂ ਤਿਆਰੀਆਂ ਬਾਰੇ ਵਿਚਾਰ ਚਰਚਾ ਕੀਤੀ ਗਈ ਅਤੇ ਵੱਖ-ਵੱਖ ਸੇਵਾਵਾਂ ਦੀ ਵੰਡ ਕੀਤੀ ਗਈ।
ਜ਼ਿਲ੍ਹਾ ਪ੍ਰਾਇਮਰੀ ਸਕੂਲ ਖੇਡਾਂ 2025 ਸਮਾਪਤ
ਆਲ ਓਵਰ ਟਰਾਫ਼ੀ ਤੇ ਬਠਿੰਡਾ ਦੇ ਖਿਡਾਰੀਆਂ ਦਾ ਕਬਜ਼ਾ
ਤਲਵੰਡੀ ਸਾਬੋ, 31 ਅਕਤੂਬਰ (ਰਾਮ ਸਿੰਘ) ਜ਼ਿਲ੍ਹਾ ਪ੍ਰਾਇਮਰੀ ਸਕੂਲ ਖੇਡਾਂ 2025 ਸਮਾਪਤ ਹੋ ਗਈਆਂ। ਖੇਡਾਂ ਵਿੱਚ ਵੱਖ-ਵੱਖ ਬਲਾਕਾਂ ਦੇ ਖਿਡਾਰੀਆਂ ਨੇ ਹਿੱਸਾ ਲਿਆ ਅਤੇ ਆਲ ਓਵਰ ਟਰਾਫ਼ੀ ਉੱਤੇ ਬਠਿੰਡਾ ਦੇ ਖਿਡਾਰੀਆਂ ਨੇ ਕਬਜ਼ਾ ਕੀਤਾ। ਜੇਤੂ ਖਿਡਾਰੀਆਂ ਨੂੰ ਇਨਾਮ ਵੰਡੇ ਗਏ ਅਤੇ ਅਧਿਆਪਕਾਂ ਦੀ ਹੌਸਲਾ ਅਫ਼ਜ਼ਾਈ ਕੀਤੀ ਗਈ।
ਵਿਜੀਲੈਂਸ ਜਾਗਰੂਕਤਾ ਹਫ਼ਤੇ ਸਬੰਧੀ ਨਿਗਮ ਟੈਕਸ ਵਿਭਾਗ ਵੱਲੋਂ ਕੈਂਬਰਿਜ ਇੰਟਰਨੈਸ਼ਨਲ ਸਕੂਲ ਵਿਖੇ ਆਊਟਰੀਚ ਪ੍ਰੋਗਰਾਮ ਦਾ ਆਯੋਜਨ
ਸੰਗਰੂਰ, 31 ਅਕਤੂਬਰ (ਹਰਜੀਤ ਸਿੰਘ ਮਾਹੋ) ਵਿਜੀਲੈਂਸ ਜਾਗਰੂਕਤਾ ਹਫ਼ਤੇ ਦੇ ਤਹਿਤ ਵਸਤੂ ਅਤੇ ਸੇਵਾ ਕਰ ਵਿਭਾਗ ਵੱਲੋਂ ਕੈਂਬਰਿਜ ਇੰਟਰਨੈਸ਼ਨਲ ਸਕੂਲ ਵਿਖੇ ਆਊਟਰੀਚ ਪ੍ਰੋਗਰਾਮ ਦਾ ਆਯੋਜਨ ਕੀਤਾ ਗਿਆ। ਇਸ ਪ੍ਰੋਗਰਾਮ ਦਾ ਉਦੇਸ਼ ਵਿਦਿਆਰਥੀਆਂ ਵਿੱਚ ਇਮਾਨਦਾਰੀ ਅਤੇ ਜਵਾਬਦੇਹੀ ਦੀ ਭਾਵਨਾ ਪੈਦਾ ਕਰਨਾ ਸੀ। ਅਧਿਕਾਰੀਆਂ ਨੇ ਭ੍ਰਿਸ਼ਟਾਚਾਰ ਵਿਰੁੱਧ ਜਾਗਰੂਕ ਹੋਣ ਅਤੇ ਟੈਕਸ ਪਾਲਣਾ ਦੀ ਮਹੱਤਤਾ ਬਾਰੇ ਜਾਣਕਾਰੀ ਦਿੱਤੀ। ਵਿਦਿਆਰਥੀਆਂ ਨੇ ਸਵਾਲ-ਜਵਾਬ ਸੈਸ਼ਨ ਵਿੱਚ ਉਤਸ਼ਾਹ ਨਾਲ ਹਿੱਸਾ ਲਿਆ ਅਤੇ ਸਕੂਲ ਪ੍ਰਬੰਧਕਾਂ ਨੇ ਵਿਭਾਗ ਦਾ ਧੰਨਵਾਦ ਕੀਤਾ।
ਸ਼੍ਰੋਮਣੀ ਕਮੇਟੀ ਦੇ ਮਹਾਰਾਸ਼ਟਰ ਤੋਂ ਮੈਂਬਰ ਬਾਵਾ ਗੁਰਿੰਦਰ ਸਿੰਘ ਨੇ ਦਰਬਾਰ ਵਿਖੇ ਮੱਥਾ ਟੇਕਿਆ
ਅੰਮ੍ਰਿਤਸਰ 31 ਅਕਤੂਬਰ ਜਸਜੀਤ ਸਿੰਘ ਸ਼੍ਰੋਮਣੀ ਗੁਰਦੁਆਰਾ ਪ੍ਰਬੰਧਕ ਕਮੇਟੀ ਦੇ ਮਹਾਰਾਸ਼ਟਰ ਤੋਂ ਮੈਂਬਰ ਬਾਵਾ ਗੁਰਿੰਦਰ ਸਿੰਘ ਨੇ ਸ੍ਰੀ ਦਰਬਾਰ ਸਾਹਿਬ ਵਿਖੇ ਮੱਥਾ ਟੇਕਿਆ ਅਤੇ ਗੁਰੂ ਘਰ ਦਾ ਆਸ਼ੀਰਵਾਦ ਪ੍ਰਾਪਤ ਕੀਤਾ। ਇਸ ਮੌਕੇ ਸੂਚਨਾ ਕੇਂਦਰ ਵਿਖੇ ਉਨ੍ਹਾਂ ਦਾ ਸਨਮਾਨ ਕੀਤਾ ਗਿਆ। ਉਨ੍ਹਾਂ ਕਿਹਾ ਕਿ ਸ਼ਤਾਬਦੀ ਸਮਾਗਮਾਂ ਵਿੱਚ ਮਹਾਰਾਸ਼ਟਰ ਦੀ ਸੰਗਤ ਵੱਡੀ ਗਿਣਤੀ ਵਿੱਚ ਸ਼ਾਮਲ ਹੋਵੇਗੀ।
ਸਨੌਰ 'ਚ ਬਣ ਰਹੀ ਸੜਕ ਦੀ ਗੁਣਵੱਤਾ 'ਤੇ ਲੋਕਾਂ ਨੇ ਚੁੱਕੇ ਗੰਭੀਰ ਸਵਾਲ, ਘਪਲੇ ਦੇ ਲਾਏ ਦੋਸ਼
ਸਨੌਰ 31 ਅਕਤੂਬਰ (ਸੁਖਦੇਵ ਸਿੰਘ ਚਿੱਕੜ) ਸਨੌਰ ਵਿੱਚ ਬਣ ਰਹੀ ਸੜਕ ਦੀ ਗੁਣਵੱਤਾ ਨੂੰ ਲੈ ਕੇ ਸਥਾਨਕ ਲੋਕਾਂ ਨੇ ਗੰਭੀਰ ਸਵਾਲ ਚੁੱਕੇ ਹਨ। ਲੋਕਾਂ ਦਾ ਦੋਸ਼ ਹੈ ਕਿ ਸੜਕ ਬਣਾਉਣ ਵਿੱਚ ਘਟੀਆ ਮਟੀਰੀਅਲ ਵਰਤਿਆ ਜਾ ਰਿਹਾ ਹੈ ਅਤੇ ਨਿਰਧਾਰਿਤ ਮਾਪਦੰਡਾਂ ਦੀ ਪਾਲਣਾ ਨਹੀਂ ਕੀਤੀ ਜਾ ਰਹੀ। ਉਨ੍ਹਾਂ ਨੇ ਇਸ ਮਾਮਲੇ ਦੀ ਉੱਚ ਪੱਧਰੀ ਜਾਂਚ ਦੀ ਮੰਗ ਕੀਤੀ ਹੈ ਅਤੇ ਦੋਸ਼ੀ ਠੇਕੇਦਾਰ ਤੇ ਅਧਿਕਾਰੀਆਂ ਵਿਰੁੱਧ ਕਾਰਵਾਈ ਦੀ ਮੰਗ ਕੀਤੀ ਹੈ।
